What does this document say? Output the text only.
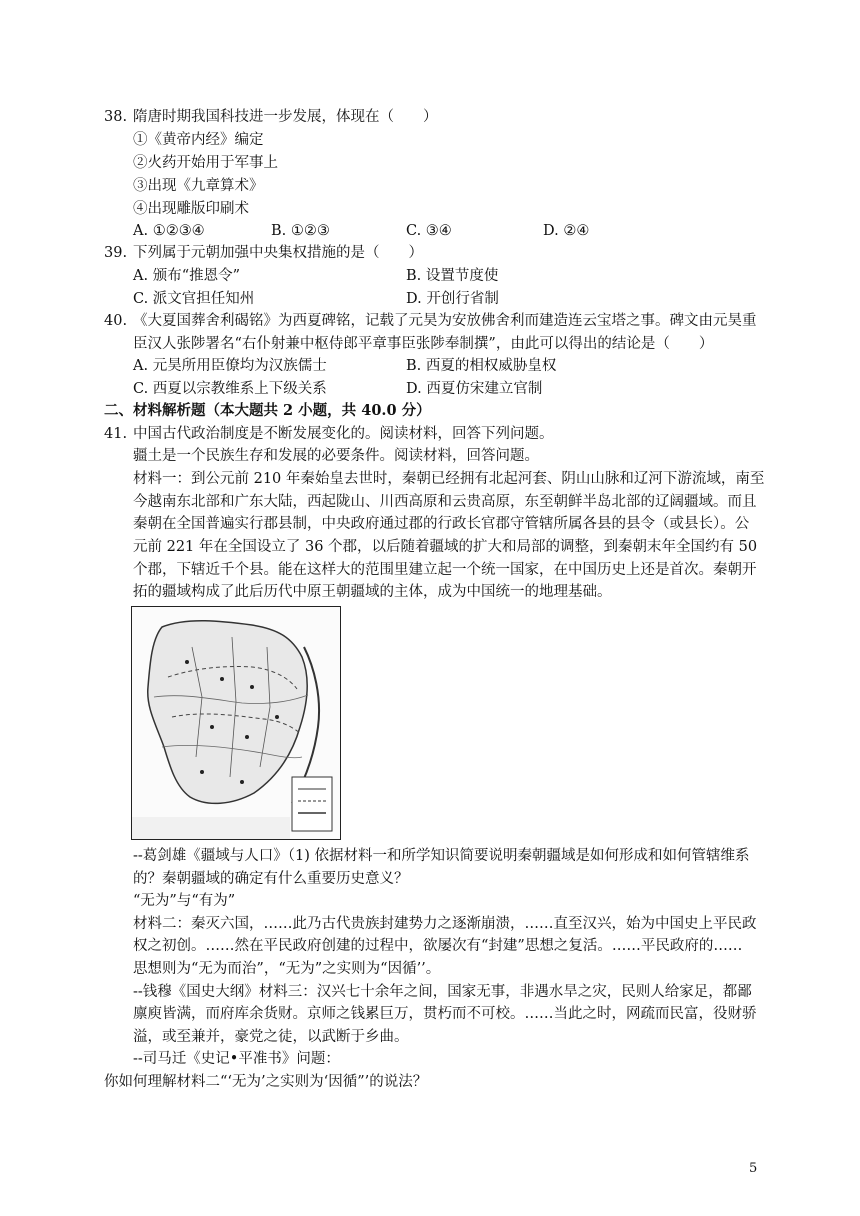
38. 隋唐时期我国科技进一步发展，体现在（　　）
①《黄帝内经》编定
②火药开始用于军事上
③出现《九章算术》
④出现雕版印刷术
A. ①②③④	B. ①②③	C. ③④	D. ②④
39. 下列属于元朝加强中央集权措施的是（　　）
A. 颁布“推恩令”	B. 设置节度使
C. 派文官担任知州	D. 开创行省制
40. 《大夏国葬舍利碣铭》为西夏碑铭，记载了元昊为安放佛舍利而建造连云宝塔之事。碑文由元昊重
臣汉人张陟署名“右仆射兼中枢侍郎平章事臣张陟奉制撰”，由此可以得出的结论是（　　）
A. 元昊所用臣僚均为汉族儒士	B. 西夏的相权威胁皇权
C. 西夏以宗教维系上下级关系	D. 西夏仿宋建立官制
二、材料解析题（本大题共 2 小题，共 40.0 分）
41. 中国古代政治制度是不断发展变化的。阅读材料，回答下列问题。
疆土是一个民族生存和发展的必要条件。阅读材料，回答问题。
材料一：到公元前 210 年秦始皇去世时，秦朝已经拥有北起河套、阴山山脉和辽河下游流域，南至
今越南东北部和广东大陆，西起陇山、川西高原和云贵高原，东至朝鲜半岛北部的辽阔疆域。而且
秦朝在全国普遍实行郡县制，中央政府通过郡的行政长官郡守管辖所属各县的县令（或县长）。公
元前 221 年在全国设立了 36 个郡，以后随着疆域的扩大和局部的调整，到秦朝末年全国约有 50
个郡，下辖近千个县。能在这样大的范围里建立起一个统一国家，在中国历史上还是首次。秦朝开
拓的疆域构成了此后历代中原王朝疆域的主体，成为中国统一的地理基础。
--葛剑雄《疆域与人口》（1) 依据材料一和所学知识简要说明秦朝疆域是如何形成和如何管辖维系
的？秦朝疆域的确定有什么重要历史意义？
“无为”与“有为”
材料二：秦灭六国，……此乃古代贵族封建势力之逐渐崩溃，……直至汉兴，始为中国史上平民政
权之初创。……然在平民政府创建的过程中，欲屡次有“封建”思想之复活。……平民政府的……
思想则为“无为而治”，“无为”之实则为“因循’’。
--钱穆《国史大纲》材料三：汉兴七十余年之间，国家无事，非遇水旱之灾，民则人给家足，都鄙
廪庾皆满，而府库余货财。京师之钱累巨万，贯朽而不可校。……当此之时，网疏而民富，役财骄
溢，或至兼并，豪党之徒，以武断于乡曲。
--司马迁《史记•平准书》问题：
你如何理解材料二“‘无为’之实则为‘因循”’的说法？
5
